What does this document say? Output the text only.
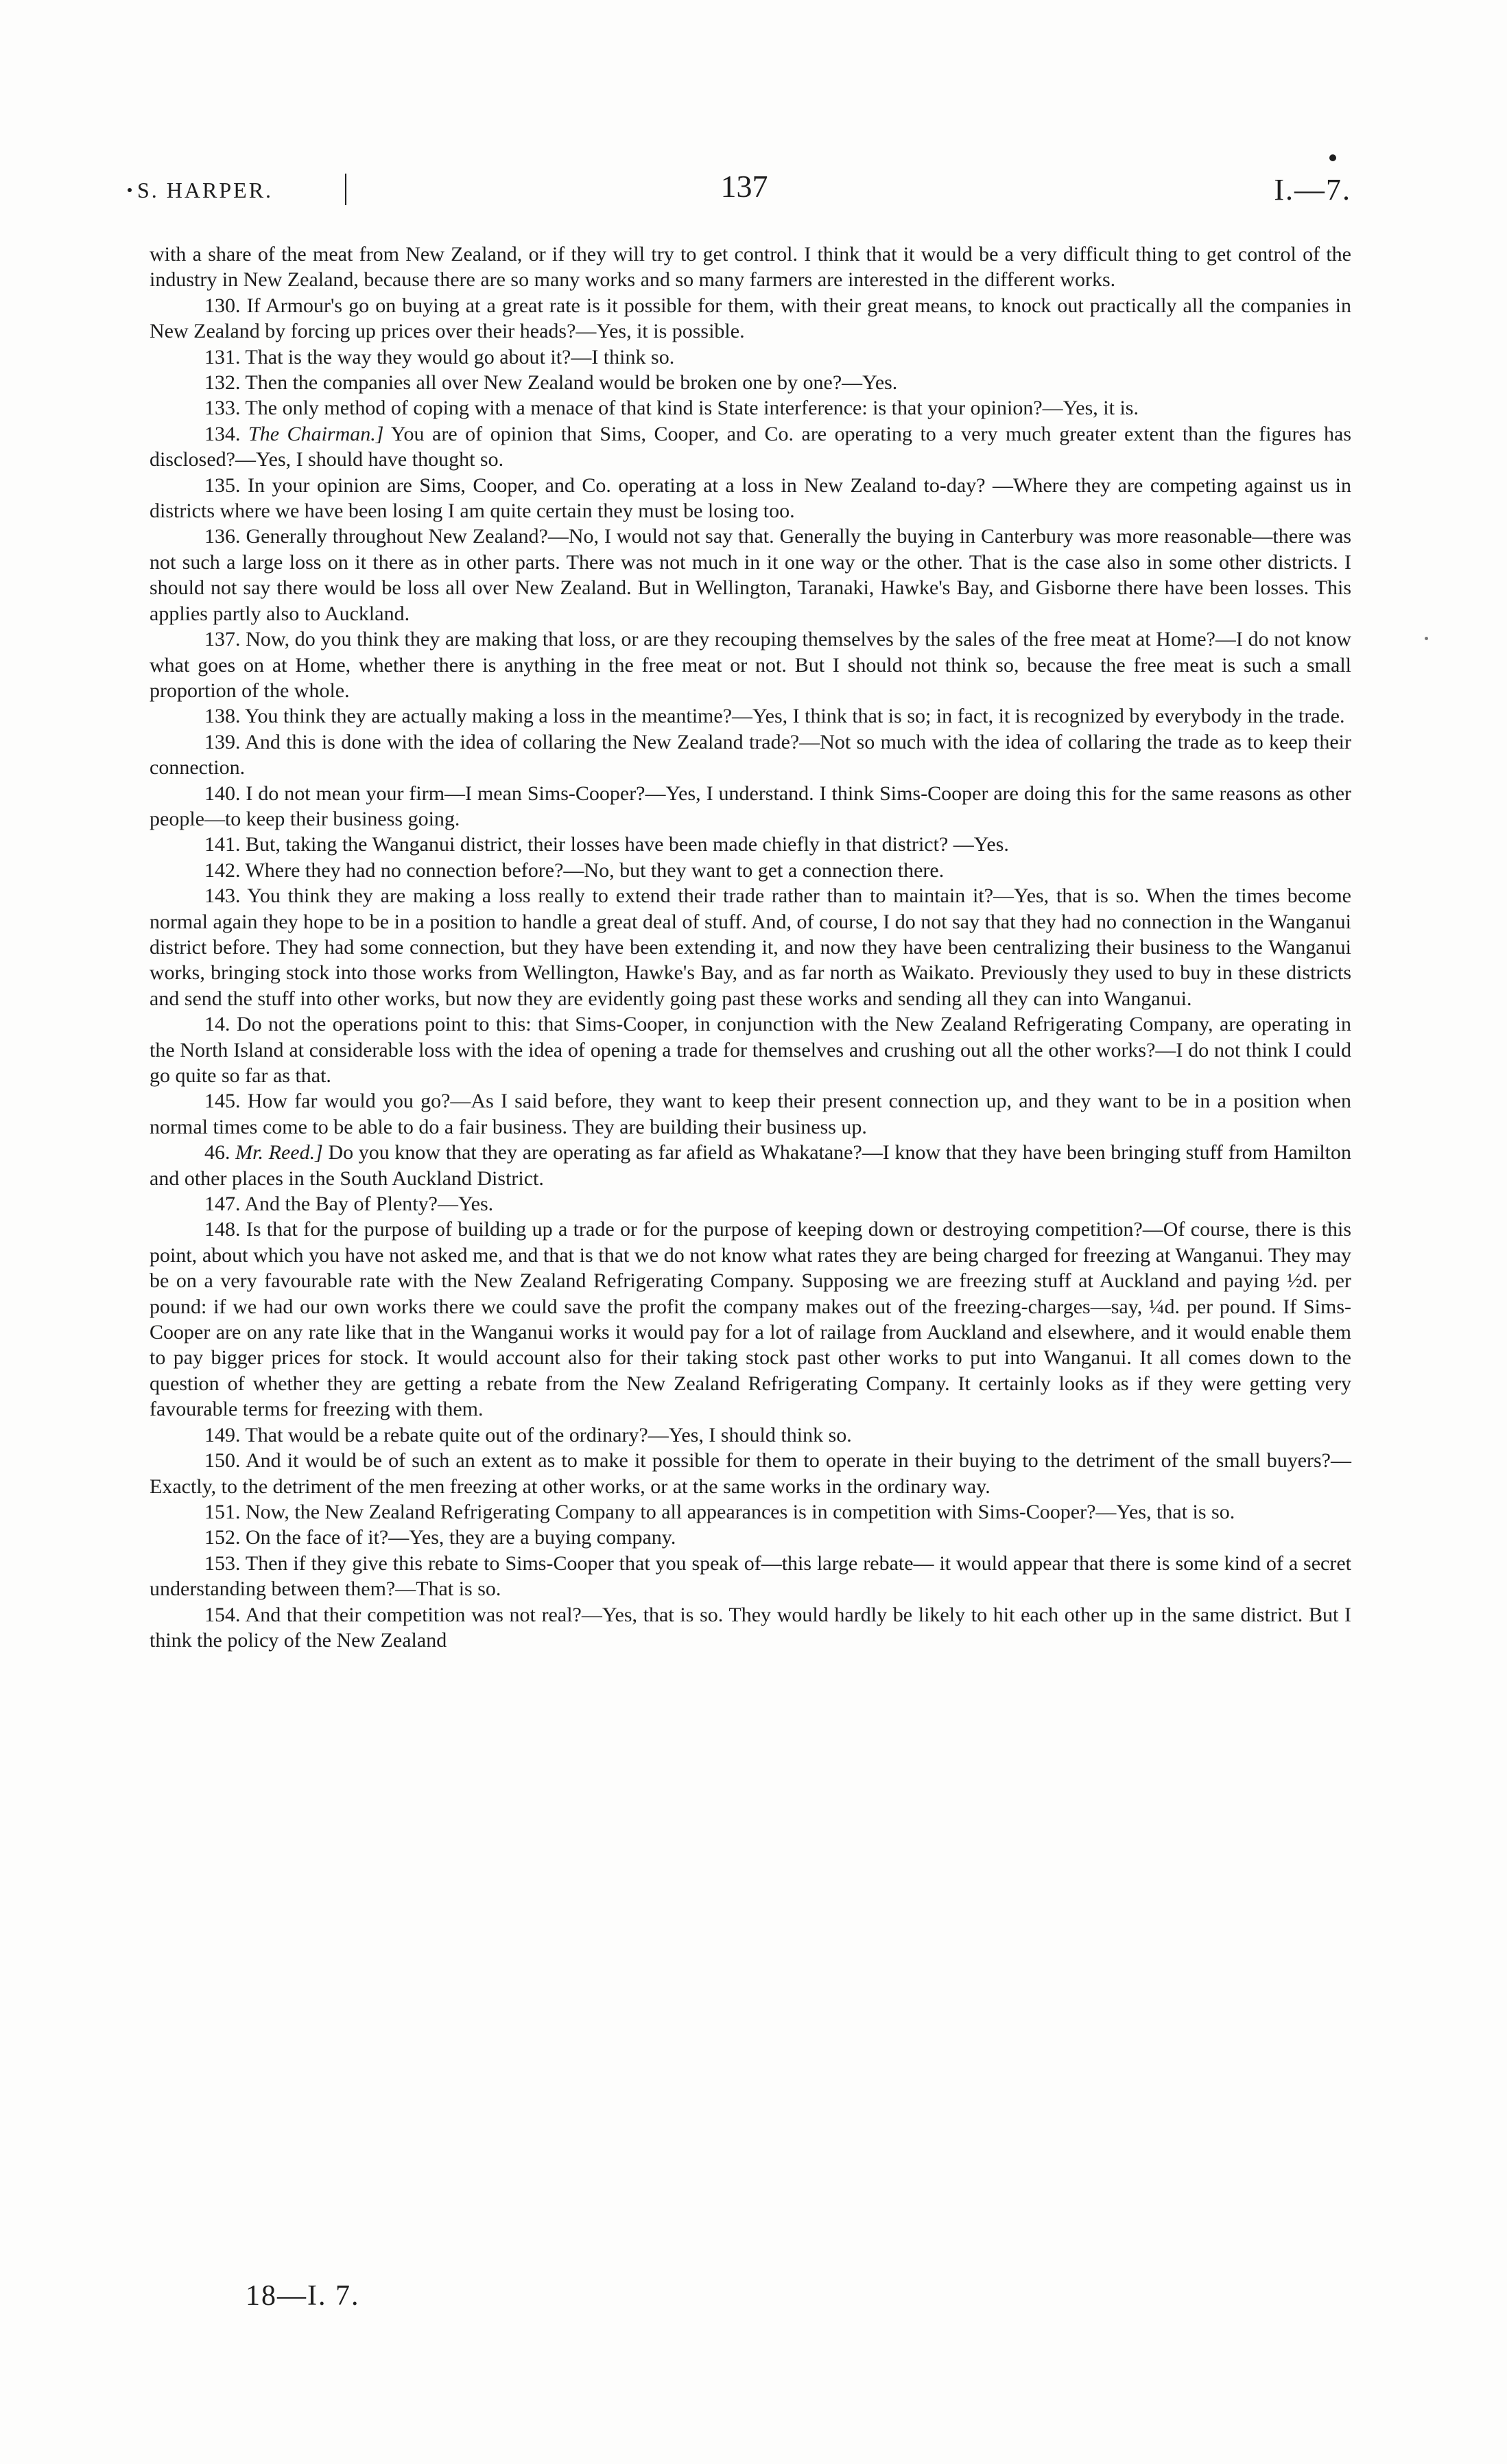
S. HARPER.	137	I.—7.

with a share of the meat from New Zealand, or if they will try to get control. I think that it would be a very difficult thing to get control of the industry in New Zealand, because there are so many works and so many farmers are interested in the different works.

130. If Armour's go on buying at a great rate is it possible for them, with their great means, to knock out practically all the companies in New Zealand by forcing up prices over their heads?—Yes, it is possible.

131. That is the way they would go about it?—I think so.

132. Then the companies all over New Zealand would be broken one by one?—Yes.

133. The only method of coping with a menace of that kind is State interference: is that your opinion?—Yes, it is.

134. The Chairman.] You are of opinion that Sims, Cooper, and Co. are operating to a very much greater extent than the figures has disclosed?—Yes, I should have thought so.

135. In your opinion are Sims, Cooper, and Co. operating at a loss in New Zealand to-day? —Where they are competing against us in districts where we have been losing I am quite certain they must be losing too.

136. Generally throughout New Zealand?—No, I would not say that. Generally the buying in Canterbury was more reasonable—there was not such a large loss on it there as in other parts. There was not much in it one way or the other. That is the case also in some other districts. I should not say there would be loss all over New Zealand. But in Wellington, Taranaki, Hawke's Bay, and Gisborne there have been losses. This applies partly also to Auckland.

137. Now, do you think they are making that loss, or are they recouping themselves by the sales of the free meat at Home?—I do not know what goes on at Home, whether there is anything in the free meat or not. But I should not think so, because the free meat is such a small proportion of the whole.

138. You think they are actually making a loss in the meantime?—Yes, I think that is so; in fact, it is recognized by everybody in the trade.

139. And this is done with the idea of collaring the New Zealand trade?—Not so much with the idea of collaring the trade as to keep their connection.

140. I do not mean your firm—I mean Sims-Cooper?—Yes, I understand. I think Sims-Cooper are doing this for the same reasons as other people—to keep their business going.

141. But, taking the Wanganui district, their losses have been made chiefly in that district? —Yes.

142. Where they had no connection before?—No, but they want to get a connection there.

143. You think they are making a loss really to extend their trade rather than to maintain it?—Yes, that is so. When the times become normal again they hope to be in a position to handle a great deal of stuff. And, of course, I do not say that they had no connection in the Wanganui district before. They had some connection, but they have been extending it, and now they have been centralizing their business to the Wanganui works, bringing stock into those works from Wellington, Hawke's Bay, and as far north as Waikato. Previously they used to buy in these districts and send the stuff into other works, but now they are evidently going past these works and sending all they can into Wanganui.

14. Do not the operations point to this: that Sims-Cooper, in conjunction with the New Zealand Refrigerating Company, are operating in the North Island at considerable loss with the idea of opening a trade for themselves and crushing out all the other works?—I do not think I could go quite so far as that.

145. How far would you go?—As I said before, they want to keep their present connection up, and they want to be in a position when normal times come to be able to do a fair business. They are building their business up.

46. Mr. Reed.] Do you know that they are operating as far afield as Whakatane?—I know that they have been bringing stuff from Hamilton and other places in the South Auckland District.

147. And the Bay of Plenty?—Yes.

148. Is that for the purpose of building up a trade or for the purpose of keeping down or destroying competition?—Of course, there is this point, about which you have not asked me, and that is that we do not know what rates they are being charged for freezing at Wanganui. They may be on a very favourable rate with the New Zealand Refrigerating Company. Supposing we are freezing stuff at Auckland and paying ½d. per pound: if we had our own works there we could save the profit the company makes out of the freezing-charges—say, ¼d. per pound. If Sims-Cooper are on any rate like that in the Wanganui works it would pay for a lot of railage from Auckland and elsewhere, and it would enable them to pay bigger prices for stock. It would account also for their taking stock past other works to put into Wanganui. It all comes down to the question of whether they are getting a rebate from the New Zealand Refrigerating Company. It certainly looks as if they were getting very favourable terms for freezing with them.

149. That would be a rebate quite out of the ordinary?—Yes, I should think so.

150. And it would be of such an extent as to make it possible for them to operate in their buying to the detriment of the small buyers?—Exactly, to the detriment of the men freezing at other works, or at the same works in the ordinary way.

151. Now, the New Zealand Refrigerating Company to all appearances is in competition with Sims-Cooper?—Yes, that is so.

152. On the face of it?—Yes, they are a buying company.

153. Then if they give this rebate to Sims-Cooper that you speak of—this large rebate— it would appear that there is some kind of a secret understanding between them?—That is so.

154. And that their competition was not real?—Yes, that is so. They would hardly be likely to hit each other up in the same district. But I think the policy of the New Zealand

18—I. 7.
